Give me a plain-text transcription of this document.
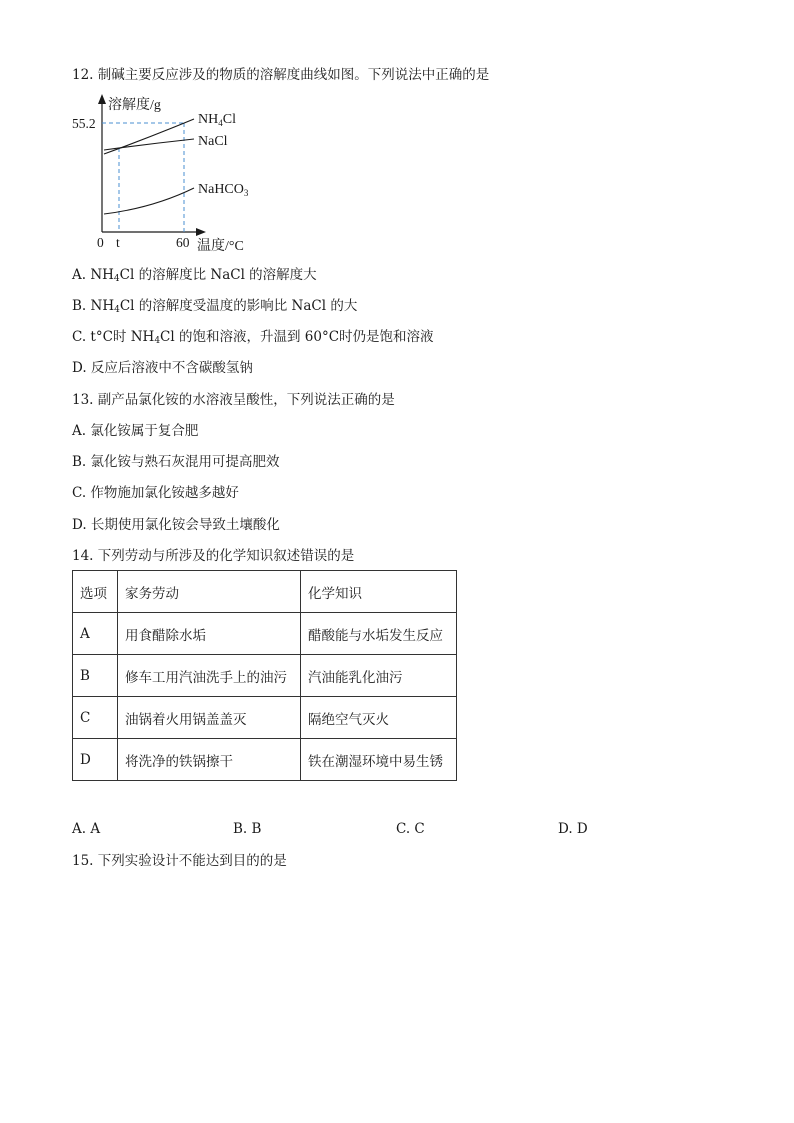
12. 制碱主要反应涉及的物质的溶解度曲线如图。下列说法中正确的是
溶解度/g
55.2
0 t	60 温度/°C
$NH_4Cl$
NaCl
NaHCO$_3$
A. $NH_4Cl$ 的溶解度比 NaCl 的溶解度大
B. $NH_4Cl$ 的溶解度受温度的影响比 NaCl 的大
C. t°C时 $NH_4Cl$ 的饱和溶液，升温到 60°C时仍是饱和溶液
D. 反应后溶液中不含碳酸氢钠
13. 副产品氯化铵的水溶液呈酸性，下列说法正确的是
A. 氯化铵属于复合肥
B. 氯化铵与熟石灰混用可提高肥效
C. 作物施加氯化铵越多越好
D. 长期使用氯化铵会导致土壤酸化
14. 下列劳动与所涉及的化学知识叙述错误的是
选项	家务劳动	化学知识
A	用食醋除水垢	醋酸能与水垢发生反应
B	修车工用汽油洗手上的油污	汽油能乳化油污
C	油锅着火用锅盖盖灭	隔绝空气灭火
D	将洗净的铁锅擦干	铁在潮湿环境中易生锈
A. A	B. B	C. C	D. D
15. 下列实验设计不能达到目的的是
